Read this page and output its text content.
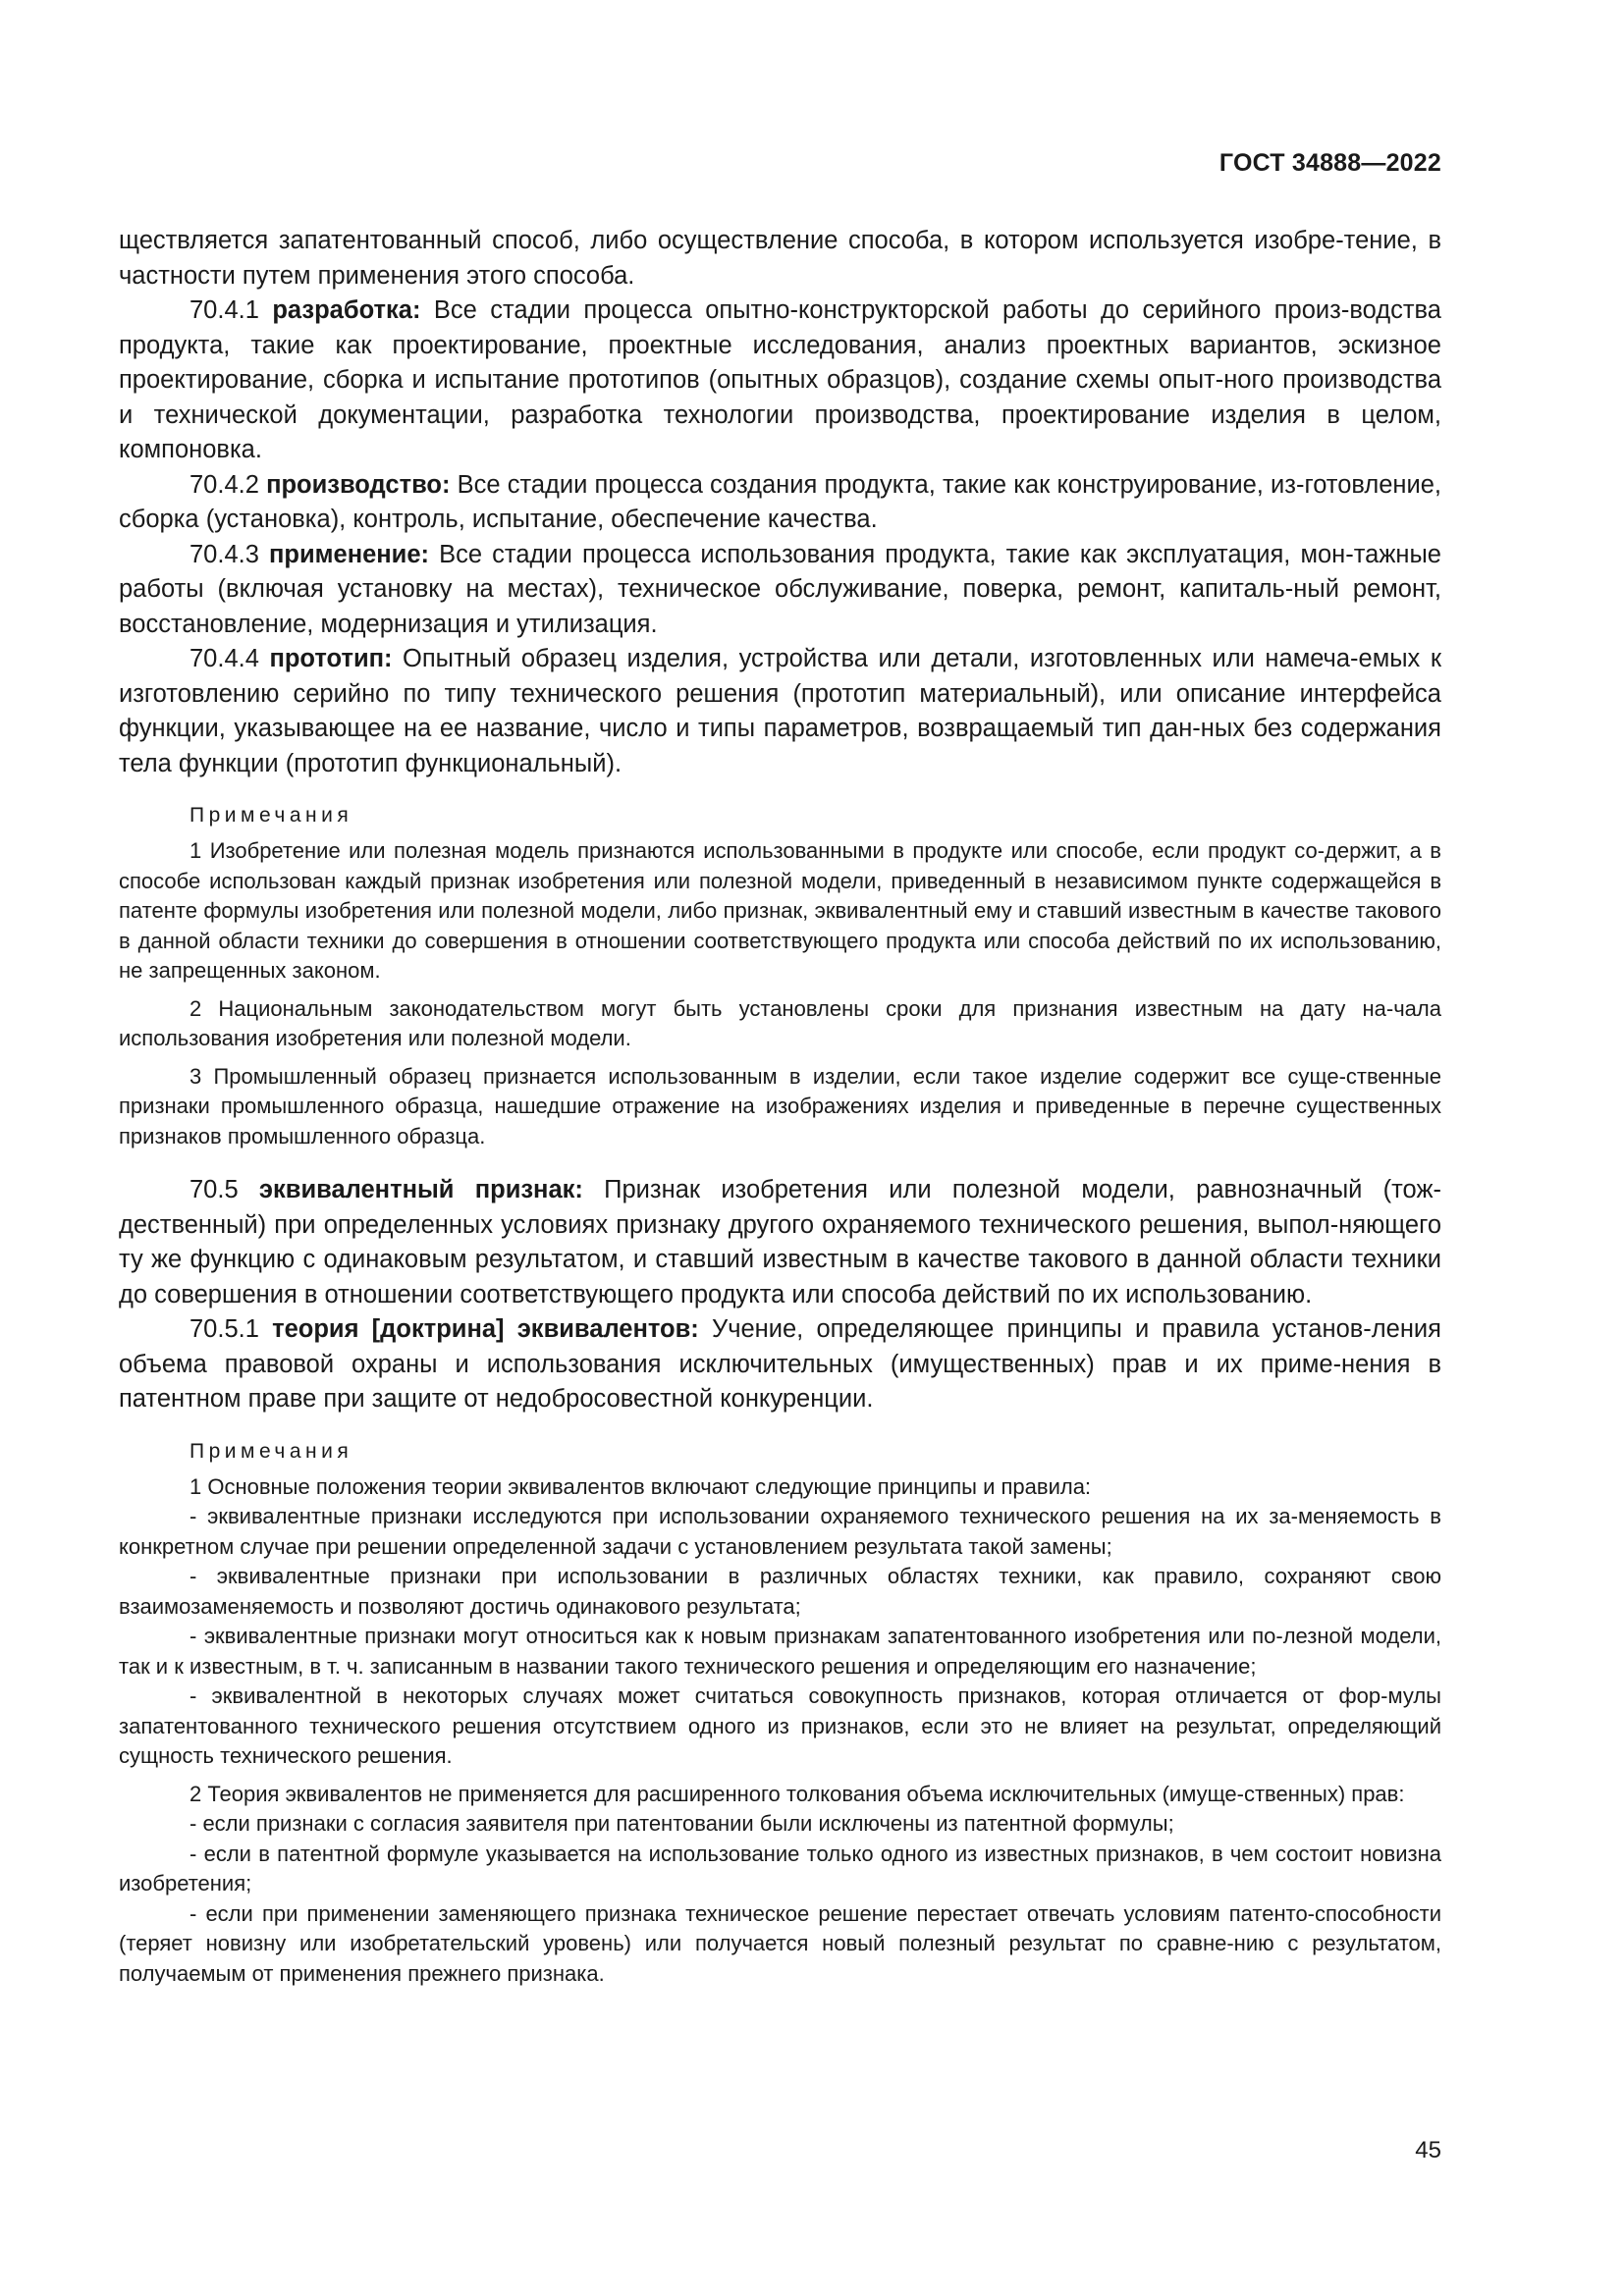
ГОСТ 34888—2022

ществляется запатентованный способ, либо осуществление способа, в котором используется изобре-тение, в частности путем применения этого способа.

70.4.1 разработка: Все стадии процесса опытно-конструкторской работы до серийного произ-водства продукта, такие как проектирование, проектные исследования, анализ проектных вариантов, эскизное проектирование, сборка и испытание прототипов (опытных образцов), создание схемы опыт-ного производства и технической документации, разработка технологии производства, проектирование изделия в целом, компоновка.

70.4.2 производство: Все стадии процесса создания продукта, такие как конструирование, из-готовление, сборка (установка), контроль, испытание, обеспечение качества.

70.4.3 применение: Все стадии процесса использования продукта, такие как эксплуатация, мон-тажные работы (включая установку на местах), техническое обслуживание, поверка, ремонт, капиталь-ный ремонт, восстановление, модернизация и утилизация.

70.4.4 прототип: Опытный образец изделия, устройства или детали, изготовленных или намеча-емых к изготовлению серийно по типу технического решения (прототип материальный), или описание интерфейса функции, указывающее на ее название, число и типы параметров, возвращаемый тип дан-ных без содержания тела функции (прототип функциональный).

Примечания

1 Изобретение или полезная модель признаются использованными в продукте или способе, если продукт со-держит, а в способе использован каждый признак изобретения или полезной модели, приведенный в независимом пункте содержащейся в патенте формулы изобретения или полезной модели, либо признак, эквивалентный ему и ставший известным в качестве такового в данной области техники до совершения в отношении соответствующего продукта или способа действий по их использованию, не запрещенных законом.

2 Национальным законодательством могут быть установлены сроки для признания известным на дату на-чала использования изобретения или полезной модели.

3 Промышленный образец признается использованным в изделии, если такое изделие содержит все суще-ственные признаки промышленного образца, нашедшие отражение на изображениях изделия и приведенные в перечне существенных признаков промышленного образца.

70.5 эквивалентный признак: Признак изобретения или полезной модели, равнозначный (тож-дественный) при определенных условиях признаку другого охраняемого технического решения, выпол-няющего ту же функцию с одинаковым результатом, и ставший известным в качестве такового в данной области техники до совершения в отношении соответствующего продукта или способа действий по их использованию.

70.5.1 теория [доктрина] эквивалентов: Учение, определяющее принципы и правила установ-ления объема правовой охраны и использования исключительных (имущественных) прав и их приме-нения в патентном праве при защите от недобросовестной конкуренции.

Примечания

1 Основные положения теории эквивалентов включают следующие принципы и правила:

- эквивалентные признаки исследуются при использовании охраняемого технического решения на их за-меняемость в конкретном случае при решении определенной задачи с установлением результата такой замены;

- эквивалентные признаки при использовании в различных областях техники, как правило, сохраняют свою взаимозаменяемость и позволяют достичь одинакового результата;

- эквивалентные признаки могут относиться как к новым признакам запатентованного изобретения или по-лезной модели, так и к известным, в т. ч. записанным в названии такого технического решения и определяющим его назначение;

- эквивалентной в некоторых случаях может считаться совокупность признаков, которая отличается от фор-мулы запатентованного технического решения отсутствием одного из признаков, если это не влияет на результат, определяющий сущность технического решения.

2 Теория эквивалентов не применяется для расширенного толкования объема исключительных (имуще-ственных) прав:

- если признаки с согласия заявителя при патентовании были исключены из патентной формулы;

- если в патентной формуле указывается на использование только одного из известных признаков, в чем состоит новизна изобретения;

- если при применении заменяющего признака техническое решение перестает отвечать условиям патенто-способности (теряет новизну или изобретательский уровень) или получается новый полезный результат по сравне-нию с результатом, получаемым от применения прежнего признака.

45
